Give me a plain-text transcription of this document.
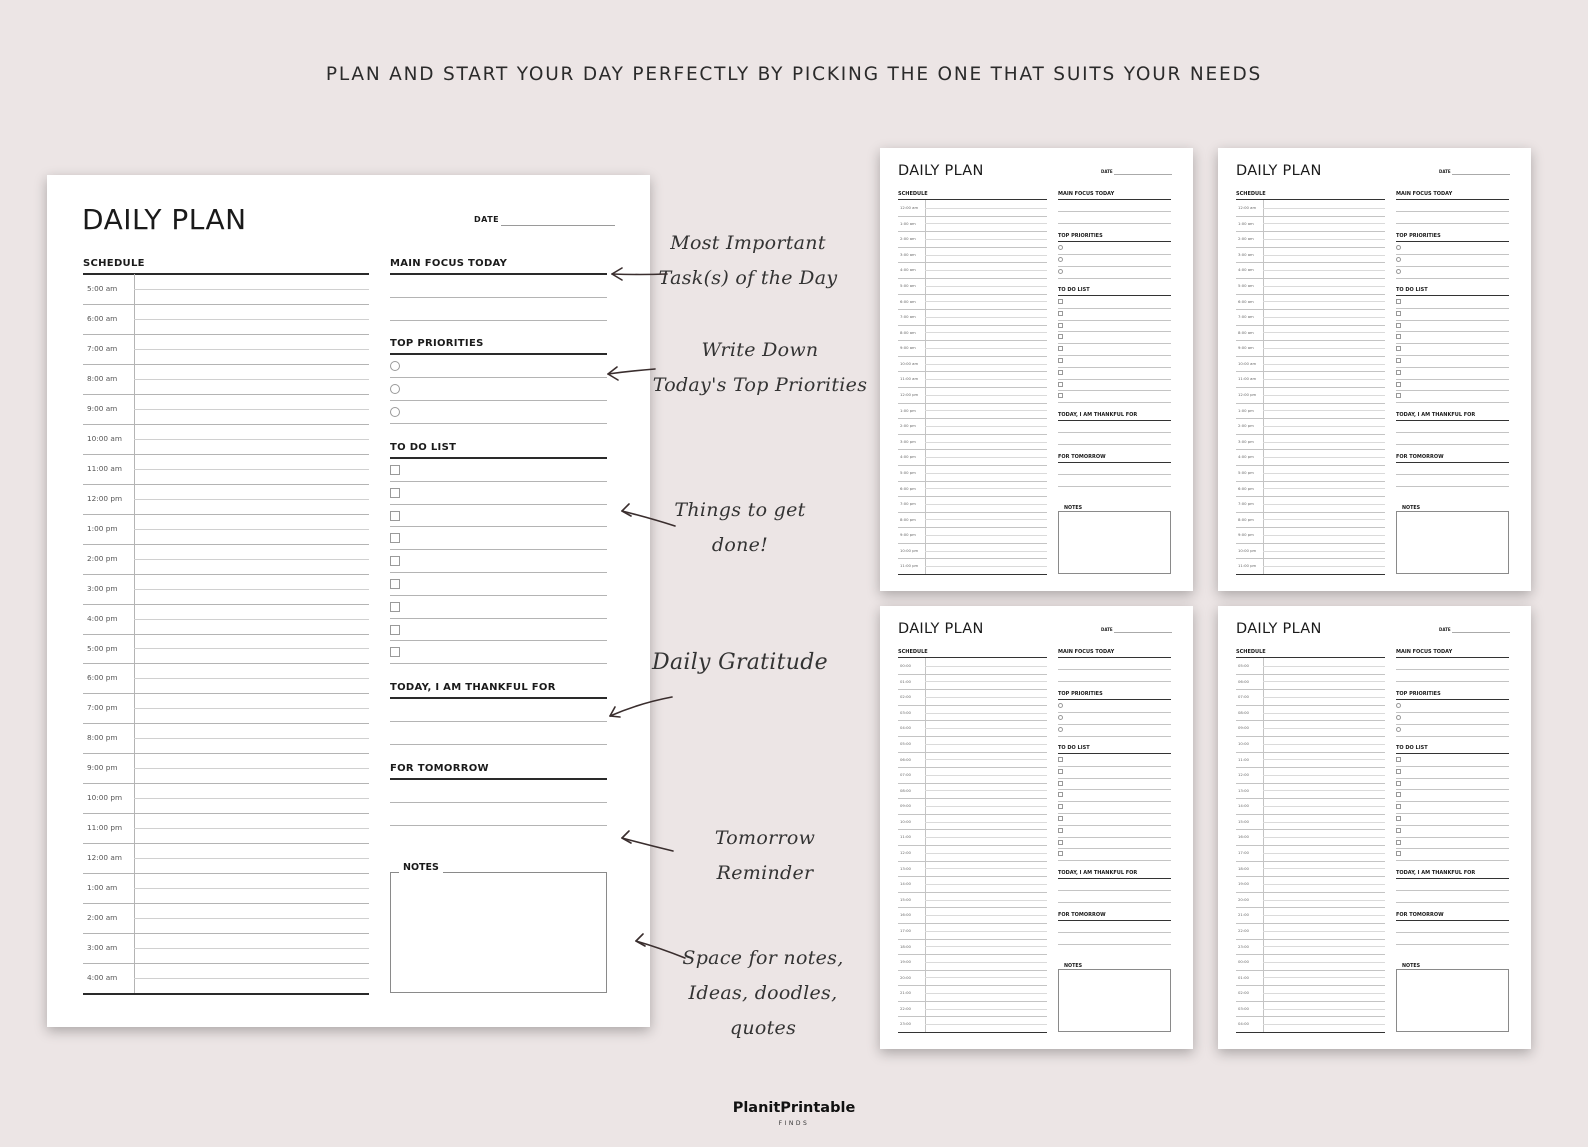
PLAN AND START YOUR DAY PERFECTLY BY PICKING THE ONE THAT SUITS YOUR NEEDS
DAILY PLAN	DATE
SCHEDULE	MAIN FOCUS TODAY
TOP PRIORITIES
TO DO LIST
TODAY, I AM THANKFUL FOR
FOR TOMORROW
NOTES
5:00 am
6:00 am
7:00 am
8:00 am
9:00 am
10:00 am
11:00 am
12:00 pm
1:00 pm
2:00 pm
3:00 pm
4:00 pm
5:00 pm
6:00 pm
7:00 pm
8:00 pm
9:00 pm
10:00 pm
11:00 pm
12:00 am
1:00 am
2:00 am
3:00 am
4:00 am
DAILY PLAN	DATE
SCHEDULE
12:00 am
1:00 am
2:00 am
3:00 am
4:00 am
5:00 am
6:00 am
7:00 am
8:00 am
9:00 am
10:00 am
11:00 am
12:00 pm
1:00 pm
2:00 pm
3:00 pm
4:00 pm
5:00 pm
6:00 pm
7:00 pm
8:00 pm
9:00 pm
10:00 pm
11:00 pm
MAIN FOCUS TODAY
TOP PRIORITIES
TO DO LIST
TODAY, I AM THANKFUL FOR
FOR TOMORROW
NOTES
DAILY PLAN	DATE
SCHEDULE
12:00 am
1:00 am
2:00 am
3:00 am
4:00 am
5:00 am
6:00 am
7:00 am
8:00 am
9:00 am
10:00 am
11:00 am
12:00 pm
1:00 pm
2:00 pm
3:00 pm
4:00 pm
5:00 pm
6:00 pm
7:00 pm
8:00 pm
9:00 pm
10:00 pm
11:00 pm
MAIN FOCUS TODAY
TOP PRIORITIES
TO DO LIST
TODAY, I AM THANKFUL FOR
FOR TOMORROW
NOTES
DAILY PLAN	DATE
SCHEDULE
00:00
01:00
02:00
03:00
04:00
05:00
06:00
07:00
08:00
09:00
10:00
11:00
12:00
13:00
14:00
15:00
16:00
17:00
18:00
19:00
20:00
21:00
22:00
23:00
MAIN FOCUS TODAY
TOP PRIORITIES
TO DO LIST
TODAY, I AM THANKFUL FOR
FOR TOMORROW
NOTES
DAILY PLAN	DATE
SCHEDULE
05:00
06:00
07:00
08:00
09:00
10:00
11:00
12:00
13:00
14:00
15:00
16:00
17:00
18:00
19:00
20:00
21:00
22:00
23:00
00:00
01:00
02:00
03:00
04:00
MAIN FOCUS TODAY
TOP PRIORITIES
TO DO LIST
TODAY, I AM THANKFUL FOR
FOR TOMORROW
NOTES
Most Important
Task(s) of the Day
Write Down
Today's Top Priorities
Things to get
done!
Daily Gratitude
Tomorrow Reminder
Space for notes,
Ideas, doodles, quotes
PlanitPrintable
FINDS
